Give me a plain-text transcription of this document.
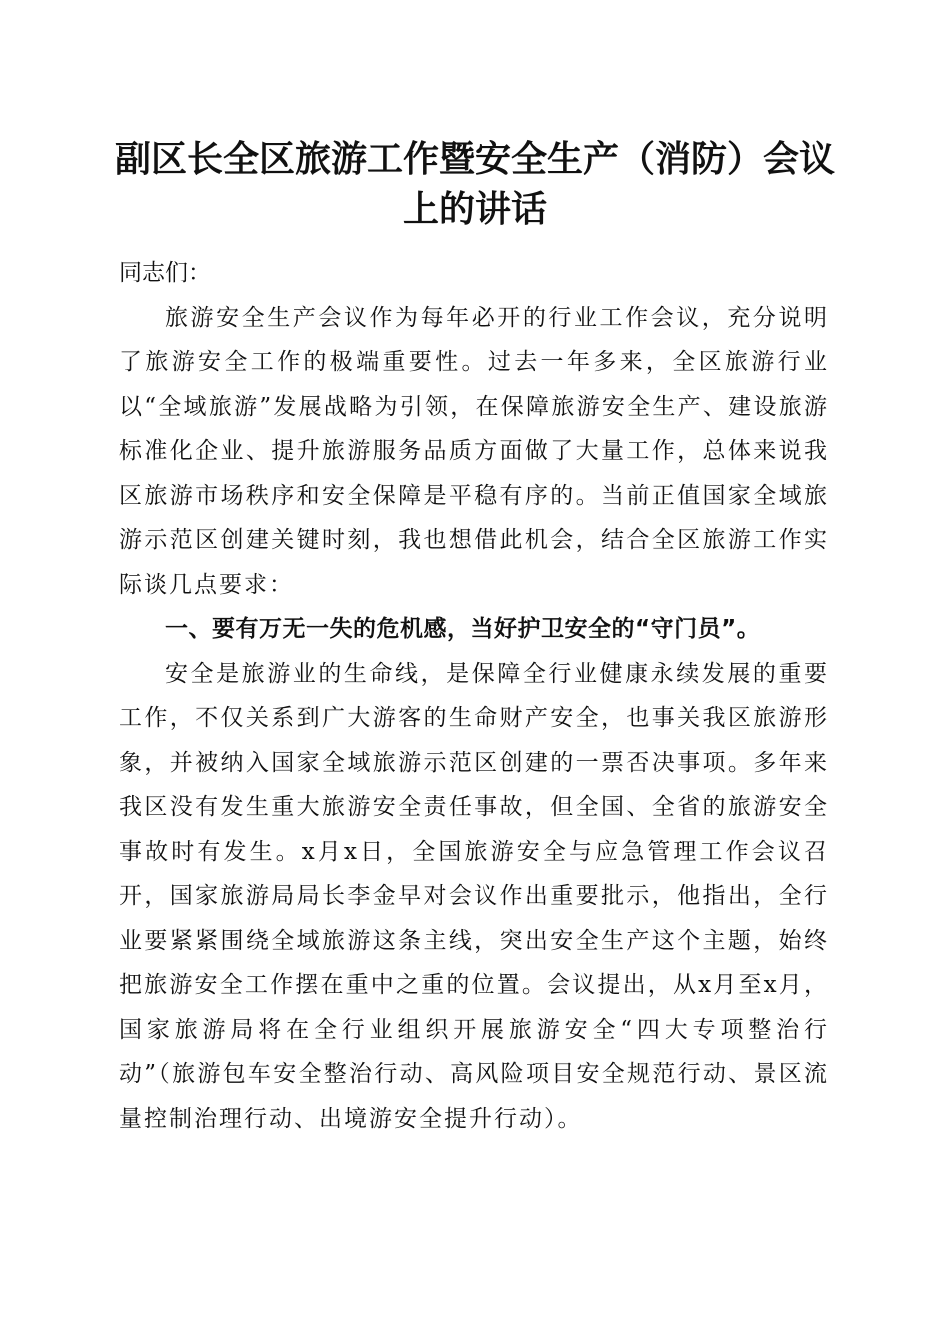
副区长全区旅游工作暨安全生产（消防）会议
上的讲话

同志们：

旅游安全生产会议作为每年必开的行业工作会议，充分说明了旅游安全工作的极端重要性。过去一年多来，全区旅游行业以“全域旅游”发展战略为引领，在保障旅游安全生产、建设旅游标准化企业、提升旅游服务品质方面做了大量工作，总体来说我区旅游市场秩序和安全保障是平稳有序的。当前正值国家全域旅游示范区创建关键时刻，我也想借此机会，结合全区旅游工作实际谈几点要求：

一、要有万无一失的危机感，当好护卫安全的“守门员”。

安全是旅游业的生命线，是保障全行业健康永续发展的重要工作，不仅关系到广大游客的生命财产安全，也事关我区旅游形象，并被纳入国家全域旅游示范区创建的一票否决事项。多年来我区没有发生重大旅游安全责任事故，但全国、全省的旅游安全事故时有发生。x月x日，全国旅游安全与应急管理工作会议召开，国家旅游局局长李金早对会议作出重要批示，他指出，全行业要紧紧围绕全域旅游这条主线，突出安全生产这个主题，始终把旅游安全工作摆在重中之重的位置。会议提出，从x月至x月，国家旅游局将在全行业组织开展旅游安全“四大专项整治行动”（旅游包车安全整治行动、高风险项目安全规范行动、景区流量控制治理行动、出境游安全提升行动）。
